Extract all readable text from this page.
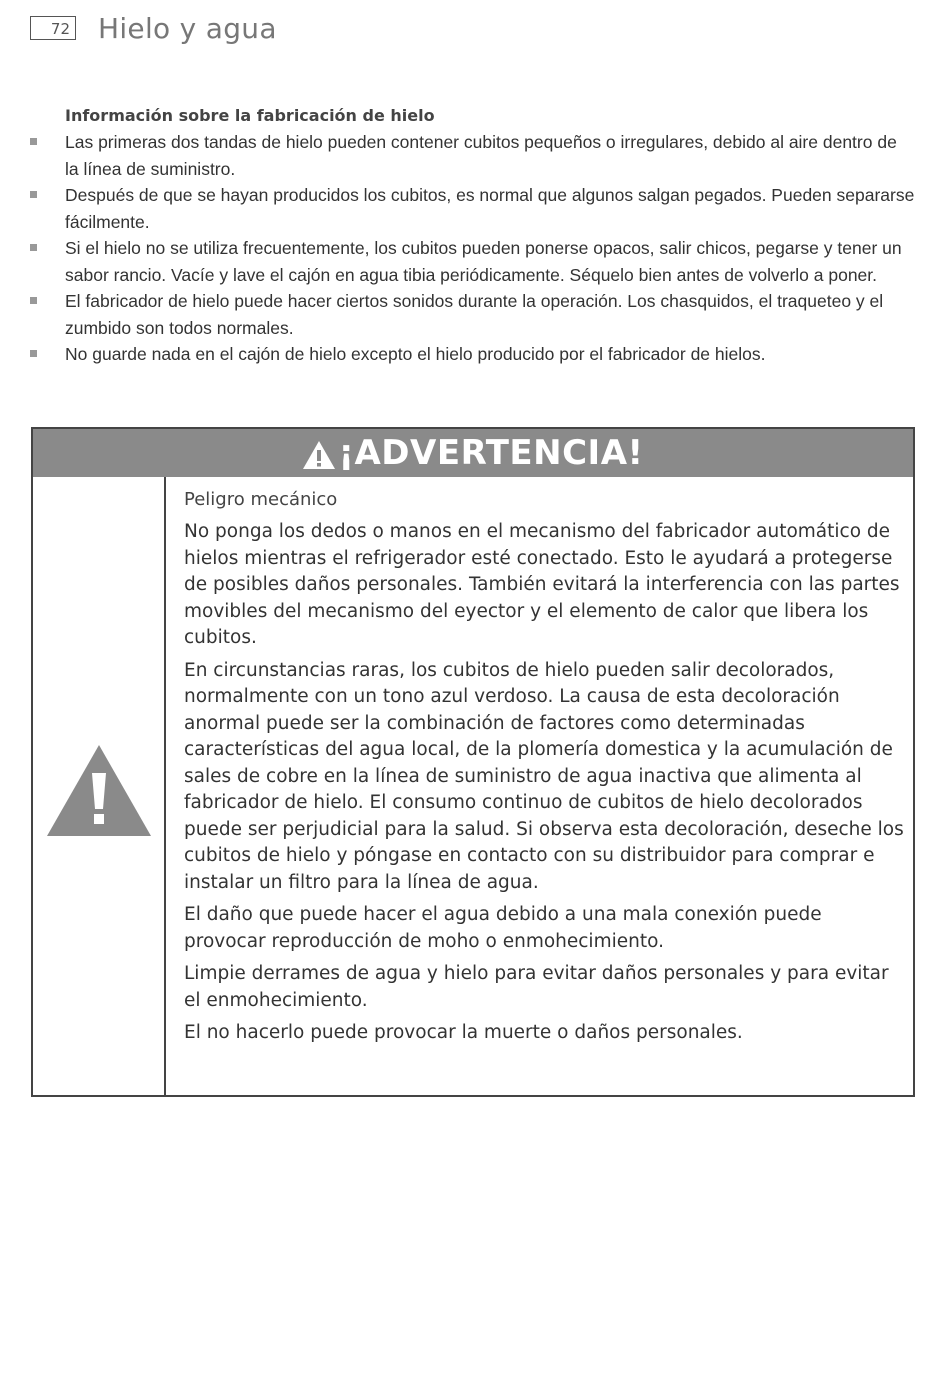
72 Hielo y agua
Información sobre la fabricación de hielo
Las primeras dos tandas de hielo pueden contener cubitos pequeños o irregulares, debido al aire dentro de la línea de suministro.
Después de que se hayan producidos los cubitos, es normal que algunos salgan pegados. Pueden separarse fácilmente.
Si el hielo no se utiliza frecuentemente, los cubitos pueden ponerse opacos, salir chicos, pegarse y tener un sabor rancio. Vacíe y lave el cajón en agua tibia periódicamente. Séquelo bien antes de volverlo a poner.
El fabricador de hielo puede hacer ciertos sonidos durante la operación. Los chasquidos, el traqueteo y el zumbido son todos normales.
No guarde nada en el cajón de hielo excepto el hielo producido por el fabricador de hielos.
¡ADVERTENCIA!
Peligro mecánico

No ponga los dedos o manos en el mecanismo del fabricador automático de hielos mientras el refrigerador esté conectado. Esto le ayudará a protegerse de posibles daños personales. También evitará la interferencia con las partes movibles del mecanismo del eyector y el elemento de calor que libera los cubitos.

En circunstancias raras, los cubitos de hielo pueden salir decolorados, normalmente con un tono azul verdoso. La causa de esta decoloración anormal puede ser la combinación de factores como determinadas características del agua local, de la plomería domestica y la acumulación de sales de cobre en la línea de suministro de agua inactiva que alimenta al fabricador de hielo. El consumo continuo de cubitos de hielo decolorados puede ser perjudicial para la salud. Si observa esta decoloración, deseche los cubitos de hielo y póngase en contacto con su distribuidor para comprar e instalar un filtro para la línea de agua.

El daño que puede hacer el agua debido a una mala conexión puede provocar reproducción de moho o enmohecimiento.

Limpie derrames de agua y hielo para evitar daños personales y para evitar el enmohecimiento.

El no hacerlo puede provocar la muerte o daños personales.
